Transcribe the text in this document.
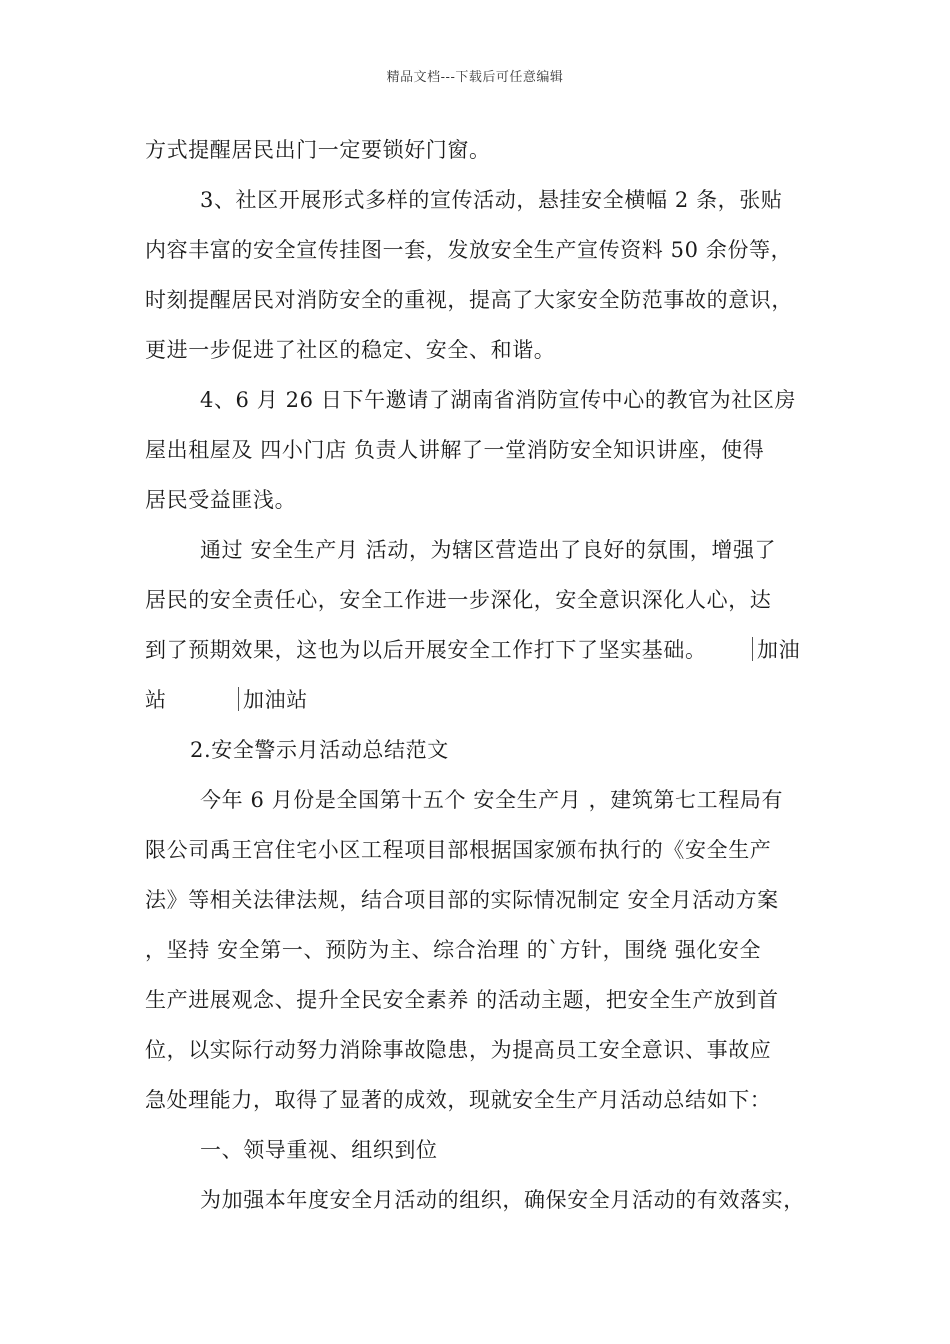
精品文档---下载后可任意编辑
方式提醒居民出门一定要锁好门窗。
3、社区开展形式多样的宣传活动，悬挂安全横幅 2 条，张贴
内容丰富的安全宣传挂图一套，发放安全生产宣传资料 50 余份等，
时刻提醒居民对消防安全的重视，提高了大家安全防范事故的意识，
更进一步促进了社区的稳定、安全、和谐。
4、6 月 26 日下午邀请了湖南省消防宣传中心的教官为社区房
屋出租屋及 四小门店 负责人讲解了一堂消防安全知识讲座，使得
居民受益匪浅。
通过 安全生产月 活动，为辖区营造出了良好的氛围，增强了
居民的安全责任心，安全工作进一步深化，安全意识深化人心，达
到了预期效果，这也为以后开展安全工作打下了坚实基础。 加油
站	加油站
2.安全警示月活动总结范文
今年 6 月份是全国第十五个 安全生产月 ，建筑第七工程局有
限公司禹王宫住宅小区工程项目部根据国家颁布执行的《安全生产
法》等相关法律法规，结合项目部的实际情况制定 安全月活动方案
，坚持 安全第一、预防为主、综合治理 的`方针，围绕 强化安全
生产进展观念、提升全民安全素养 的活动主题，把安全生产放到首
位，以实际行动努力消除事故隐患，为提高员工安全意识、事故应
急处理能力，取得了显著的成效，现就安全生产月活动总结如下：
一、领导重视、组织到位
为加强本年度安全月活动的组织，确保安全月活动的有效落实，
